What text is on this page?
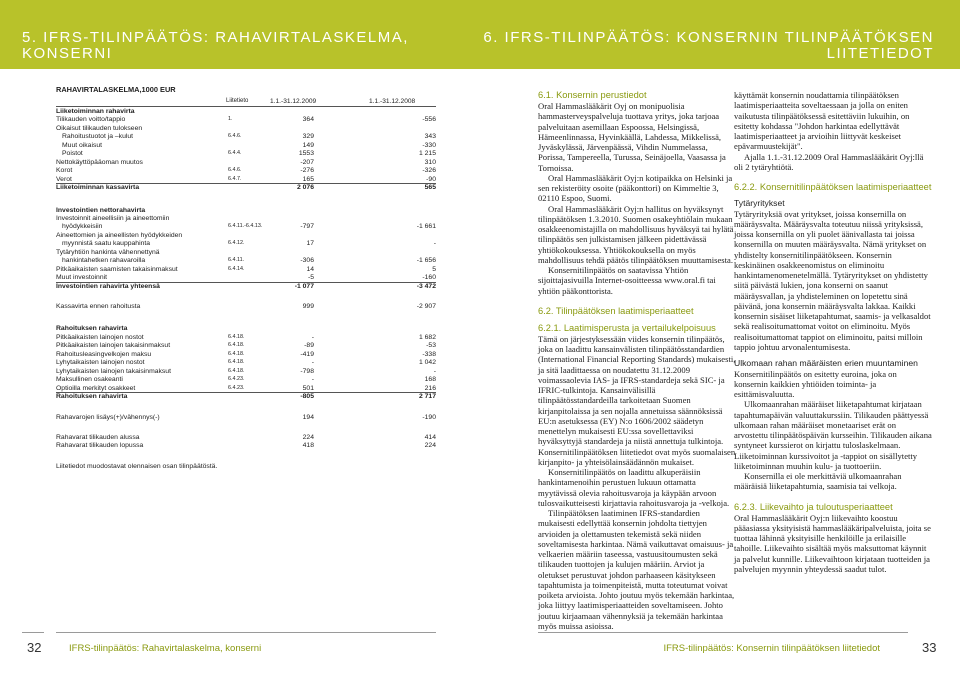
5. IFRS-TILINPÄÄTÖS: RAHAVIRTALASKELMA,
KONSERNI
6. IFRS-TILINPÄÄTÖS: KONSERNIN TILINPÄÄTÖKSEN
LIITETIEDOT
RAHAVIRTALASKELMA,1000 EUR
Liitetieto	1.1.-31.12.2009	1.1.-31.12.2008
Liiketoiminnan rahavirta
Tilikauden voitto/tappio	1.	364	-556
Oikaisut tilikauden tulokseen
Rahoitustuotot ja –kulut	6.4.6.	329	343
Muut oikaisut	149	-330
Poistot	6.4.4.	1553	1 215
Nettokäyttöpääoman muutos	-207	310
Korot	6.4.6.	-276	-326
Verot	6.4.7.	165	-90
Liiketoiminnan kassavirta	2 076	565
Investointien nettorahavirta
Investoinnit aineellisiin ja aineettomiin
hyödykkeisiin	6.4.11.-6.4.13.	-797	-1 661
Aineettomien ja aineellisten hyödykkeiden
myynnistä saatu kauppahinta	6.4.12.	17	-
Tytäryhtiön hankinta vähennettynä
hankintahetken rahavaroilla	6.4.11.	-306	-1 656
Pitkäaikaisten saamisten takaisinmaksut	6.4.14.	14	5
Muut investoinnit	-5	-160
Investointien rahavirta yhteensä	-1 077	-3 472
Kassavirta ennen rahoitusta	999	-2 907
Rahoituksen rahavirta
Pitkäaikaisten lainojen nostot	6.4.18.	-	1 682
Pitkäaikaisten lainojen takaisinmaksut	6.4.18.	-89	-53
Rahoitusleasingvelkojen maksu	6.4.18.	-419	-338
Lyhytaikaisten lainojen nostot	6.4.18.	-	1 042
Lyhytaikaisten lainojen takaisinmaksut	6.4.18.	-798	-
Maksullinen osakeanti	6.4.23.	-	168
Optioilla merkityt osakkeet	6.4.23.	501	216
Rahoituksen rahavirta	-805	2 717
Rahavarojen lisäys(+)/vähennys(-)	194	-190
Rahavarat tilikauden alussa	224	414
Rahavarat tilikauden lopussa	418	224
Liitetiedot muodostavat olennaisen osan tilinpäätöstä.

6.1. Konsernin perustiedot

Oral Hammaslääkärit Oyj on monipuolisia hammasterveyspalveluja tuottava yritys, joka tarjoaa palveluitaan asemillaan Espoossa, Helsingissä, Hämeenlinnassa, Hyvinkäällä, Lahdessa, Mikkelissä, Jyväskylässä, Järvenpäässä, Vihdin Nummelassa, Porissa, Tampereella, Turussa, Seinäjoella, Vaasassa ja Tornoissa.

Oral Hammaslääkärit Oyj:n kotipaikka on Helsinki ja sen rekisteröity osoite (pääkonttori) on Kimmeltie 3, 02110 Espoo, Suomi.

Oral Hammaslääkärit Oyj:n hallitus on hyväksynyt tilinpäätöksen 1.3.2010. Suomen osakeyhtiölain mukaan osakkeenomistajilla on mahdollisuus hyväksyä tai hylätä tilinpäätös sen julkistamisen jälkeen pidettävässä yhtiökokouksessa. Yhtiökokouksella on myös mahdollisuus tehdä päätös tilinpäätöksen muuttamisesta.

Konsernitilinpäätös on saatavissa Yhtiön sijoittajasivuilla Internet-osoitteessa www.oral.fi tai yhtiön pääkonttorista.

6.2. Tilinpäätöksen laatimisperiaatteet

6.2.1. Laatimisperusta ja vertailukelpoisuus

Tämä on järjestyksessään viides konsernin tilinpäätös, joka on laadittu kansainvälisten tilinpäätösstandardien (International Financial Reporting Standards) mukaisesti, ja sitä laadittaessa on noudatettu 31.12.2009 voimassaolevia IAS- ja IFRS-standardeja sekä SIC- ja IFRIC-tulkintoja. Kansainvälisillä tilinpäätösstandardeilla tarkoitetaan Suomen kirjanpitolaissa ja sen nojalla annetuissa säännöksissä EU:n asetuksessa (EY) N:o 1606/2002 säädetyn menettelyn mukaisesti EU:ssa sovellettaviksi hyväksyttyjä standardeja ja niistä annettuja tulkintoja. Konsernitilinpäätöksen liitetiedot ovat myös suomalaisen kirjanpito- ja yhteisölainsäädännön mukaiset.

Konsernitilinpäätös on laadittu alkuperäisiin hankintamenoihin perustuen lukuun ottamatta myytävissä olevia rahoitusvaroja ja käypään arvoon tulosvaikutteisesti kirjattavia rahoitusvaroja ja -velkoja.

Tilinpäätöksen laatiminen IFRS-standardien mukaisesti edellyttää konsernin johdolta tiettyjen arvioiden ja olettamusten tekemistä sekä niiden soveltamisesta harkintaa. Nämä vaikuttavat omaisuus- ja velkaerien määriin taseessa, vastuusitoumusten sekä tilikauden tuottojen ja kulujen määriin. Arviot ja oletukset perustuvat johdon parhaaseen käsitykseen tapahtumista ja toimenpiteistä, mutta toteutumat voivat poiketa arvioista. Johto joutuu myös tekemään harkintaa, joka liittyy laatimisperiaatteiden soveltamiseen. Johto joutuu kirjaamaan vähennyksiä ja tekemään harkintaa myös muissa asioissa.

käyttämät konsernin noudattamia tilinpäätöksen laatimisperiaatteita soveltaessaan ja jolla on eniten vaikutusta tilinpäätöksessä esitettäviin lukuihin, on esitetty kohdassa "Johdon harkintaa edellyttävät laatimisperiaatteet ja arvioihin liittyvät keskeiset epävarmuustekijät".

Ajalla 1.1.-31.12.2009 Oral Hammaslääkärit Oyj:llä oli 2 tytäryhtiötä.

6.2.2. Konsernitilinpäätöksen laatimisperiaatteet

Tytäryritykset

Tytäryrityksiä ovat yritykset, joissa konsernilla on määräysvalta. Määräysvalta toteutuu niissä yrityksissä, joissa konsernilla on yli puolet äänivallasta tai joissa konsernilla on muuten määräysvalta. Nämä yritykset on yhdistelty konsernitilinpäätökseen. Konsernin keskinäinen osakkeenomistus on eliminoitu hankintamenomenetelmällä. Tytäryritykset on yhdistetty siitä päivästä lukien, jona konserni on saanut määräysvallan, ja yhdisteleminen on lopetettu sinä päivänä, jona konsernin määräysvalta lakkaa. Kaikki konsernin sisäiset liiketapahtumat, saamis- ja velkasaldot sekä realisoitumattomat voitot on eliminoitu. Myös realisoitumattomat tappiot on eliminoitu, paitsi milloin tappio johtuu arvonalentumisesta.

Ulkomaan rahan määräisten erien muuntaminen

Konsernitilinpäätös on esitetty euroina, joka on konsernin kaikkien yhtiöiden toiminta- ja esittämisvaluutta.

Ulkomaanrahan määräiset liiketapahtumat kirjataan tapahtumapäivän valuuttakurssiin. Tilikauden päättyessä ulkomaan rahan määräiset monetaariset erät on arvostettu tilinpäätöspäivän kursseihin. Tilikauden aikana syntyneet kurssierot on kirjattu tuloslaskelmaan. Liiketoiminnan kurssivoitot ja -tappiot on sisällytetty liiketoiminnan muuhin kulu- ja tuottoeriin.

Konsernilla ei ole merkittäviä ulkomaanrahan määräisiä liiketapahtumia, saamisia tai velkoja.

6.2.3. Liikevaihto ja tuloutusperiaatteet

Oral Hammaslääkärit Oyj:n liikevaihto koostuu pääasiassa yksityisistä hammaslääkäripalveluista, joita se tuottaa lähinnä yksityisille henkilöille ja erilaisille tahoille. Liikevaihto sisältää myös maksuttomat käynnit ja palvelut kunnille. Liikevaihtoon kirjataan tuotteiden ja palvelujen myynnin yhteydessä saadut tulot.

32	IFRS-tilinpäätös: Rahavirtalaskelma, konserni	IFRS-tilinpäätös: Konsernin tilinpäätöksen liitetiedot	33
